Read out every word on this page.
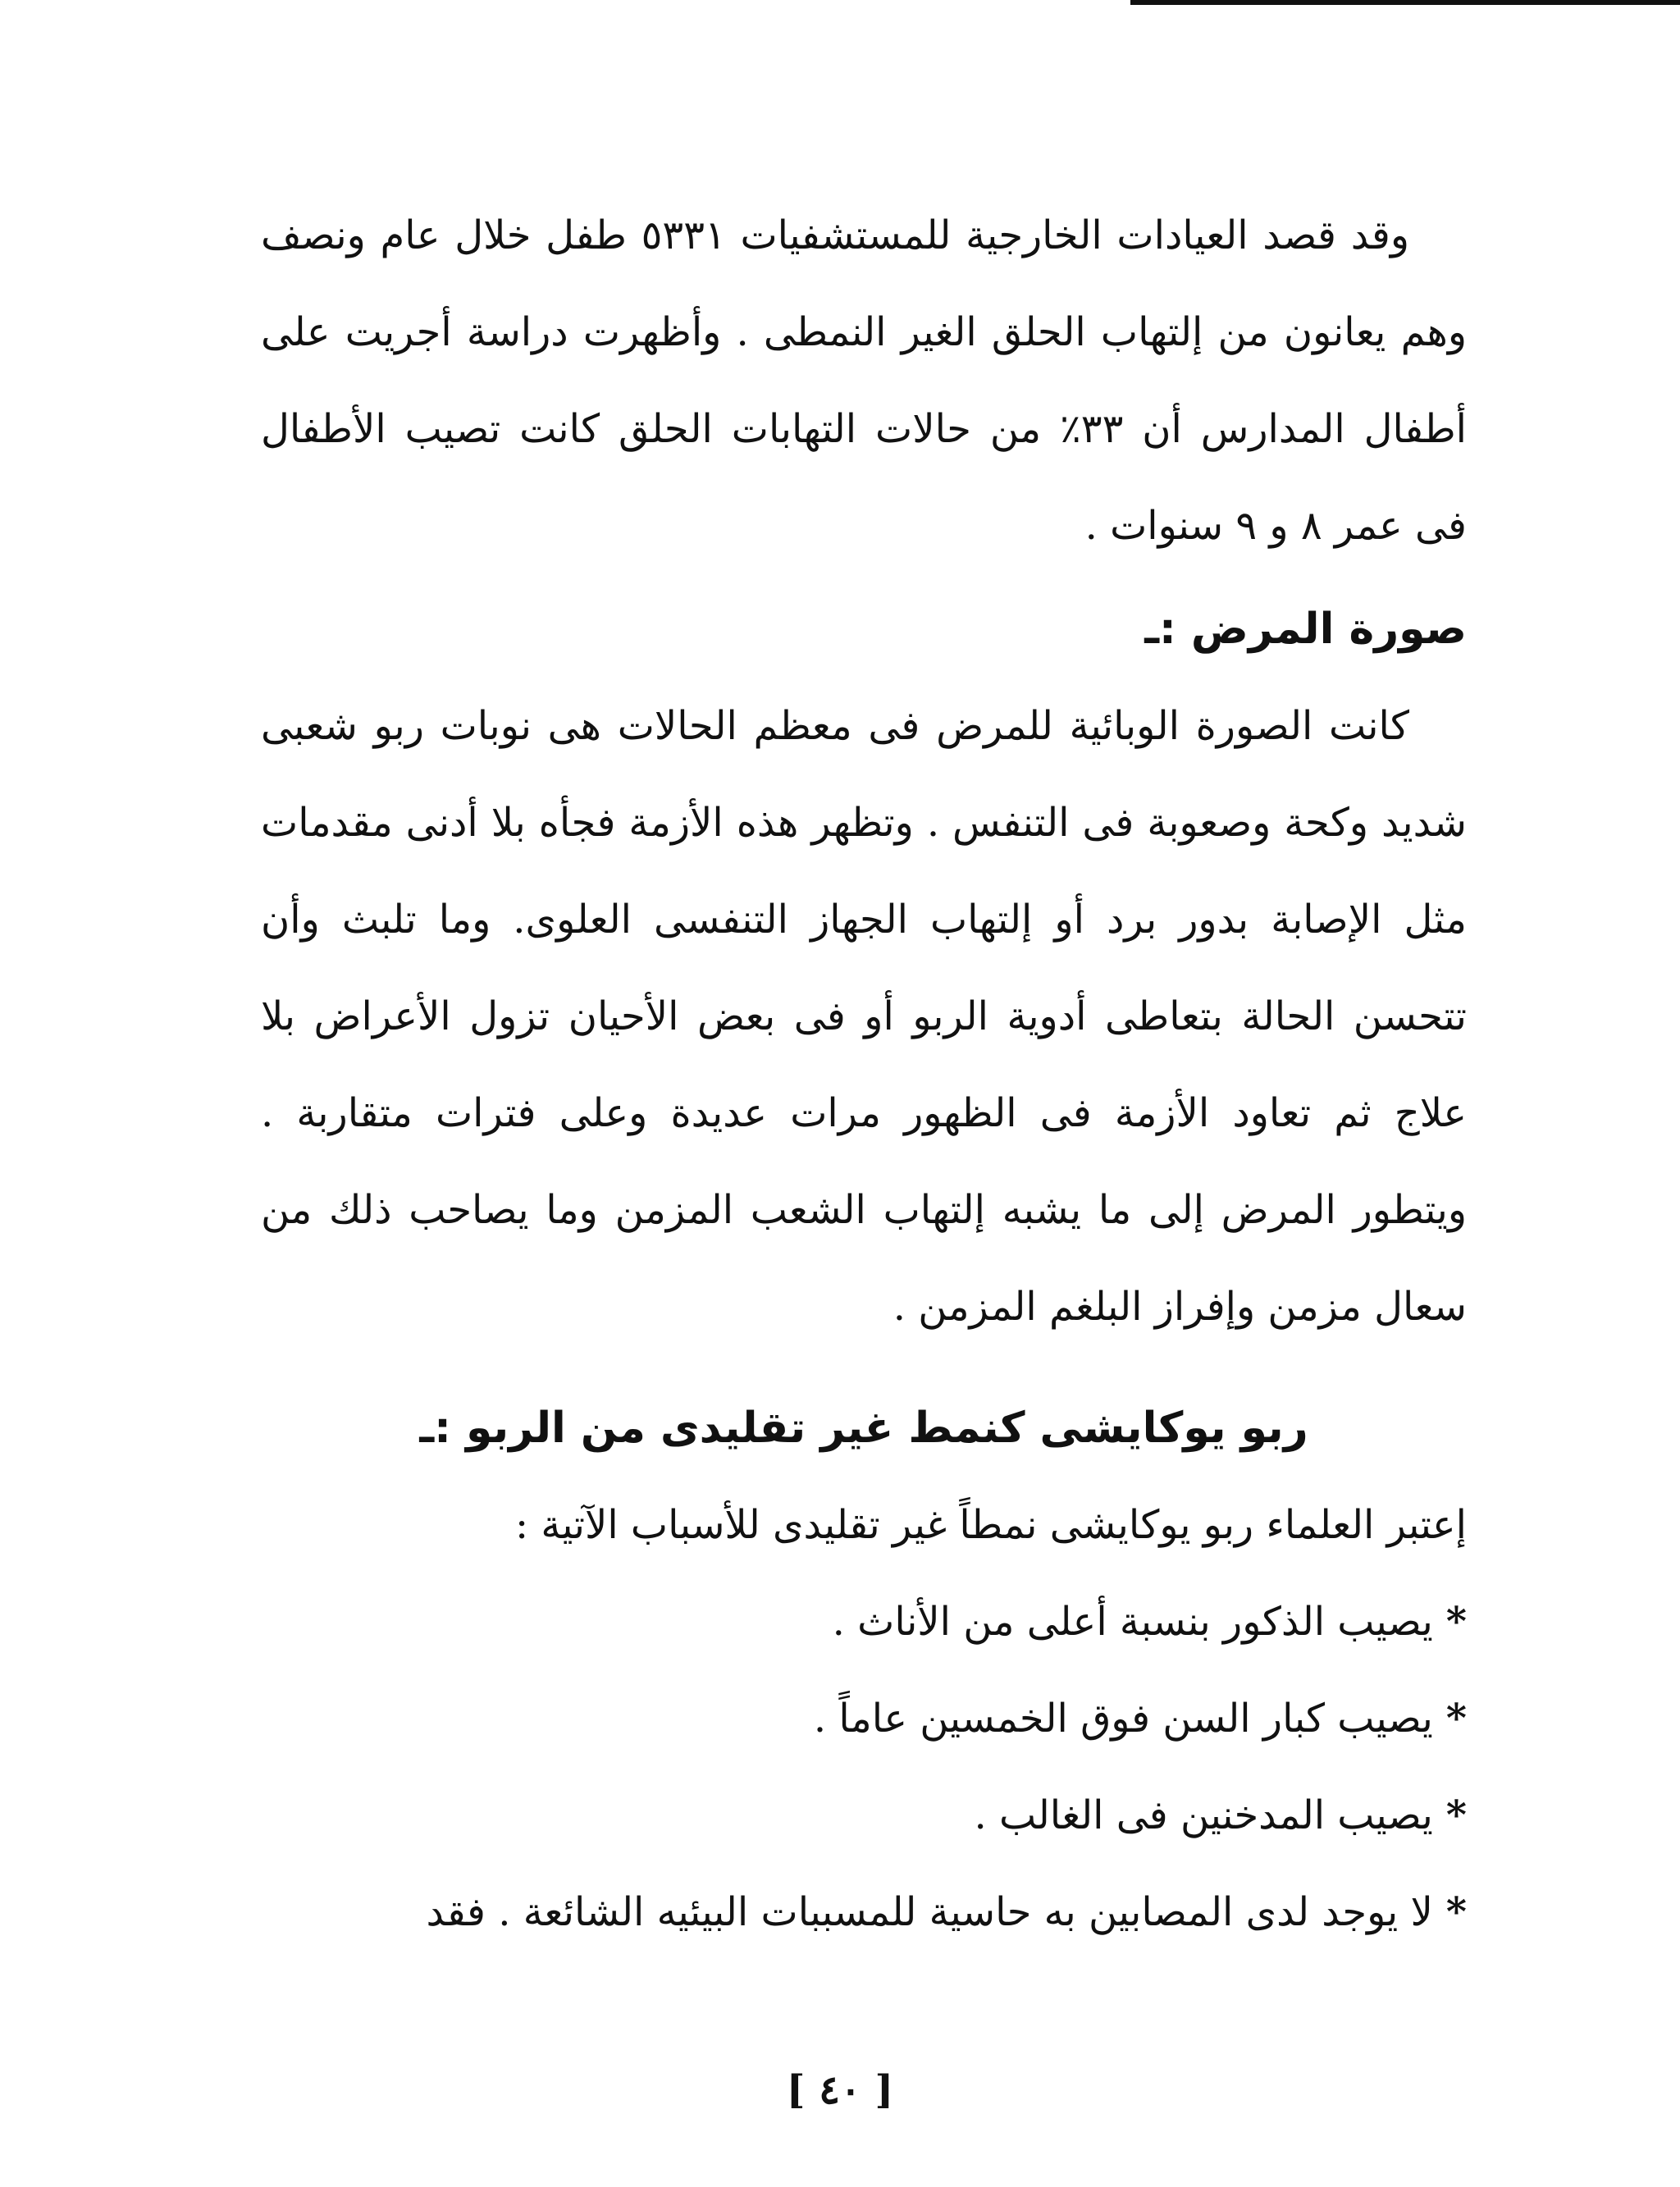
وقد قصد العيادات الخارجية للمستشفيات ٥٣٣١ طفل خلال عام ونصف وهم يعانون من إلتهاب الحلق الغير النمطى . وأظهرت دراسة أجريت على أطفال المدارس أن ٣٣٪ من حالات التهابات الحلق كانت تصيب الأطفال فى عمر ٨ و ٩ سنوات .

صورة المرض :ـ

كانت الصورة الوبائية للمرض فى معظم الحالات هى نوبات ربو شعبى شديد وكحة وصعوبة فى التنفس . وتظهر هذه الأزمة فجأه بلا أدنى مقدمات مثل الإصابة بدور برد أو إلتهاب الجهاز التنفسى العلوى. وما تلبث وأن تتحسن الحالة بتعاطى أدوية الربو أو فى بعض الأحيان تزول الأعراض بلا علاج ثم تعاود الأزمة فى الظهور مرات عديدة وعلى فترات متقاربة . ويتطور المرض إلى ما يشبه إلتهاب الشعب المزمن وما يصاحب ذلك من سعال مزمن وإفراز البلغم المزمن .

ربو يوكايشى كنمط غير تقليدى من الربو :ـ

إعتبر العلماء ربو يوكايشى نمطاً غير تقليدى للأسباب الآتية :

*يصيب الذكور بنسبة أعلى من الأناث .
*يصيب كبار السن فوق الخمسين عاماً .
*يصيب المدخنين فى الغالب .
*لا يوجد لدى المصابين به حاسية للمسببات البيئيه الشائعة . فقد
[ ٤٠ ]
